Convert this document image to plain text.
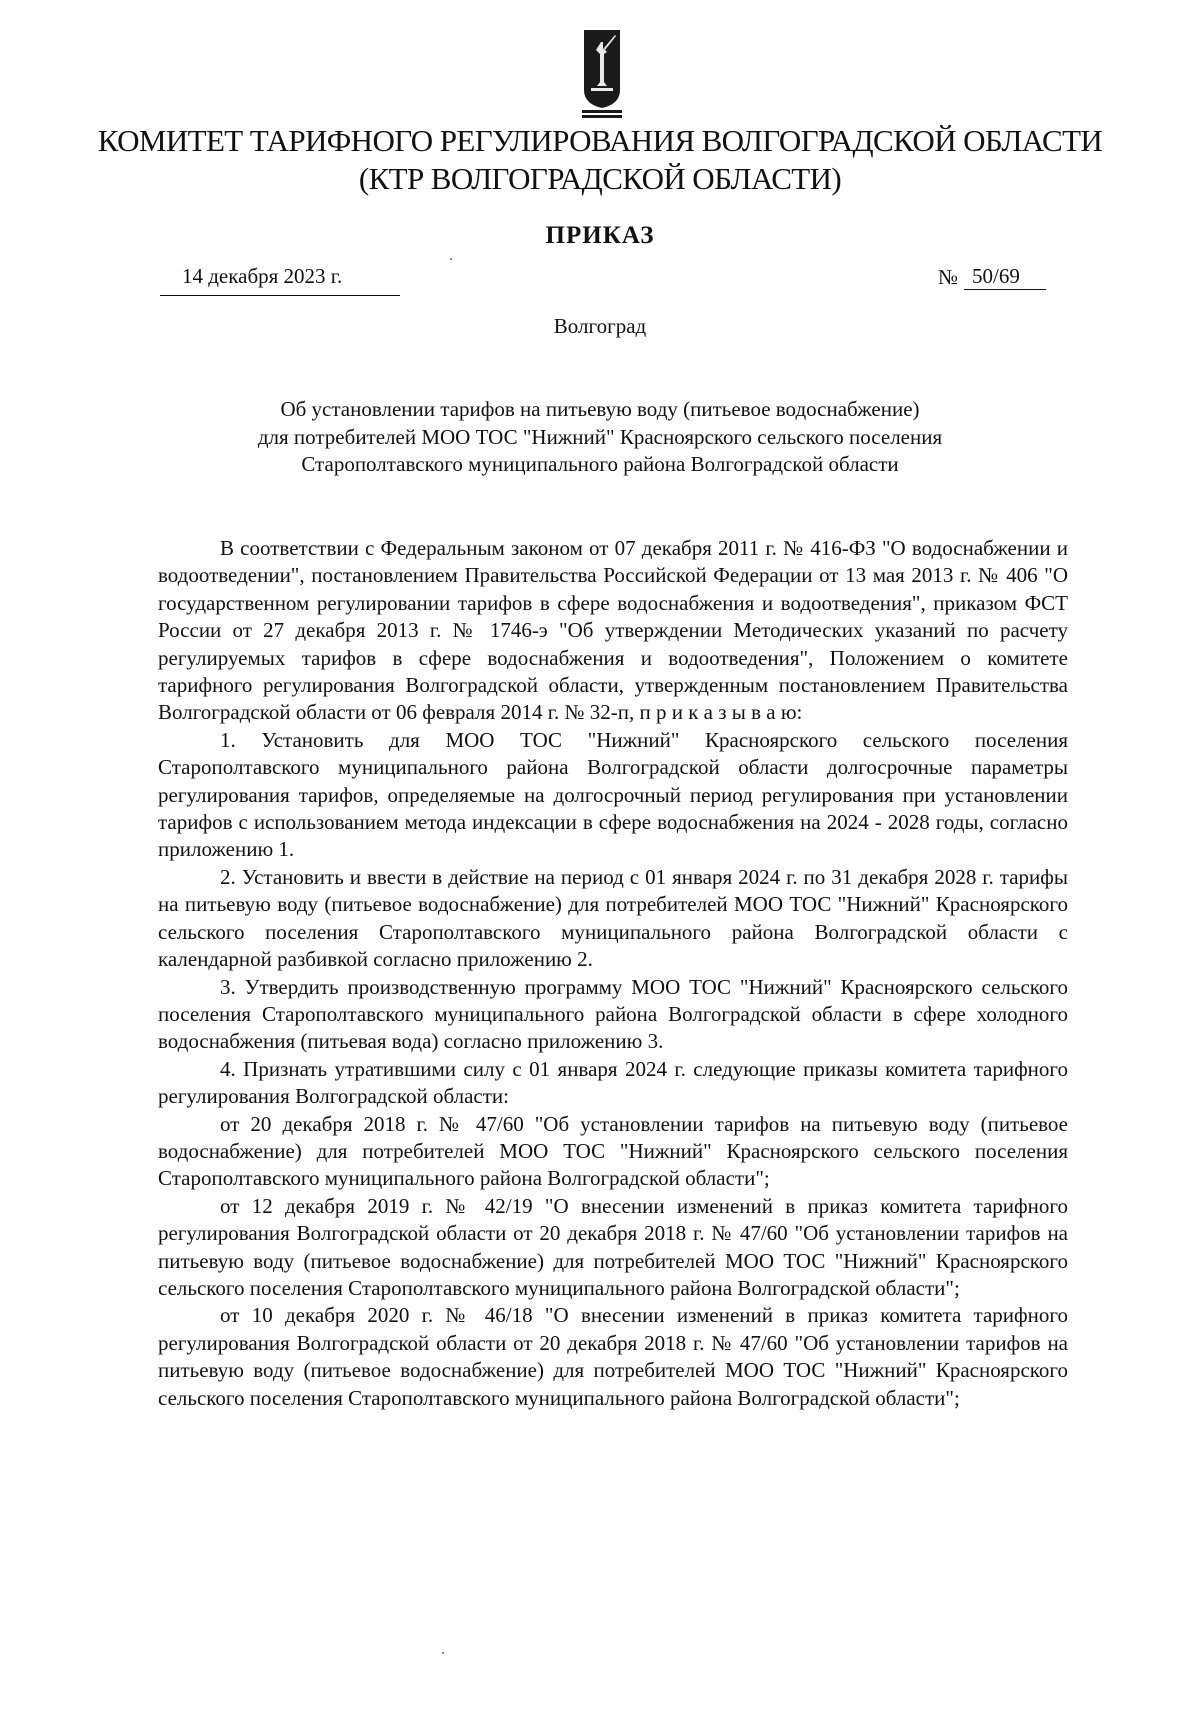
КОМИТЕТ ТАРИФНОГО РЕГУЛИРОВАНИЯ ВОЛГОГРАДСКОЙ ОБЛАСТИ
(КТР ВОЛГОГРАДСКОЙ ОБЛАСТИ)
ПРИКАЗ
14 декабря 2023 г.	№ 50/69
Волгоград
Об установлении тарифов на питьевую воду (питьевое водоснабжение)
для потребителей МОО ТОС "Нижний" Красноярского сельского поселения
Старополтавского муниципального района Волгоградской области

В соответствии с Федеральным законом от 07 декабря 2011 г. № 416-ФЗ "О водоснабжении и водоотведении", постановлением Правительства Российской Федерации от 13 мая 2013 г. № 406 "О государственном регулировании тарифов в сфере водоснабжения и водоотведения", приказом ФСТ России от 27 декабря 2013 г. № 1746-э "Об утверждении Методических указаний по расчету регулируемых тарифов в сфере водоснабжения и водоотведения", Положением о комитете тарифного регулирования Волгоградской области, утвержденным постановлением Правительства Волгоградской области от 06 февраля 2014 г. № 32-п, п р и к а з ы в а ю:

1. Установить для МОО ТОС "Нижний" Красноярского сельского поселения Старополтавского муниципального района Волгоградской области долгосрочные параметры регулирования тарифов, определяемые на долгосрочный период регулирования при установлении тарифов с использованием метода индексации в сфере водоснабжения на 2024 - 2028 годы, согласно приложению 1.

2. Установить и ввести в действие на период с 01 января 2024 г. по 31 декабря 2028 г. тарифы на питьевую воду (питьевое водоснабжение) для потребителей МОО ТОС "Нижний" Красноярского сельского поселения Старополтавского муниципального района Волгоградской области с календарной разбивкой согласно приложению 2.

3. Утвердить производственную программу МОО ТОС "Нижний" Красноярского сельского поселения Старополтавского муниципального района Волгоградской области в сфере холодного водоснабжения (питьевая вода) согласно приложению 3.

4. Признать утратившими силу с 01 января 2024 г. следующие приказы комитета тарифного регулирования Волгоградской области:

от 20 декабря 2018 г. № 47/60 "Об установлении тарифов на питьевую воду (питьевое водоснабжение) для потребителей МОО ТОС "Нижний" Красноярского сельского поселения Старополтавского муниципального района Волгоградской области";

от 12 декабря 2019 г. № 42/19 "О внесении изменений в приказ комитета тарифного регулирования Волгоградской области от 20 декабря 2018 г. № 47/60 "Об установлении тарифов на питьевую воду (питьевое водоснабжение) для потребителей МОО ТОС "Нижний" Красноярского сельского поселения Старополтавского муниципального района Волгоградской области";

от 10 декабря 2020 г. № 46/18 "О внесении изменений в приказ комитета тарифного регулирования Волгоградской области от 20 декабря 2018 г. № 47/60 "Об установлении тарифов на питьевую воду (питьевое водоснабжение) для потребителей МОО ТОС "Нижний" Красноярского сельского поселения Старополтавского муниципального района Волгоградской области";
